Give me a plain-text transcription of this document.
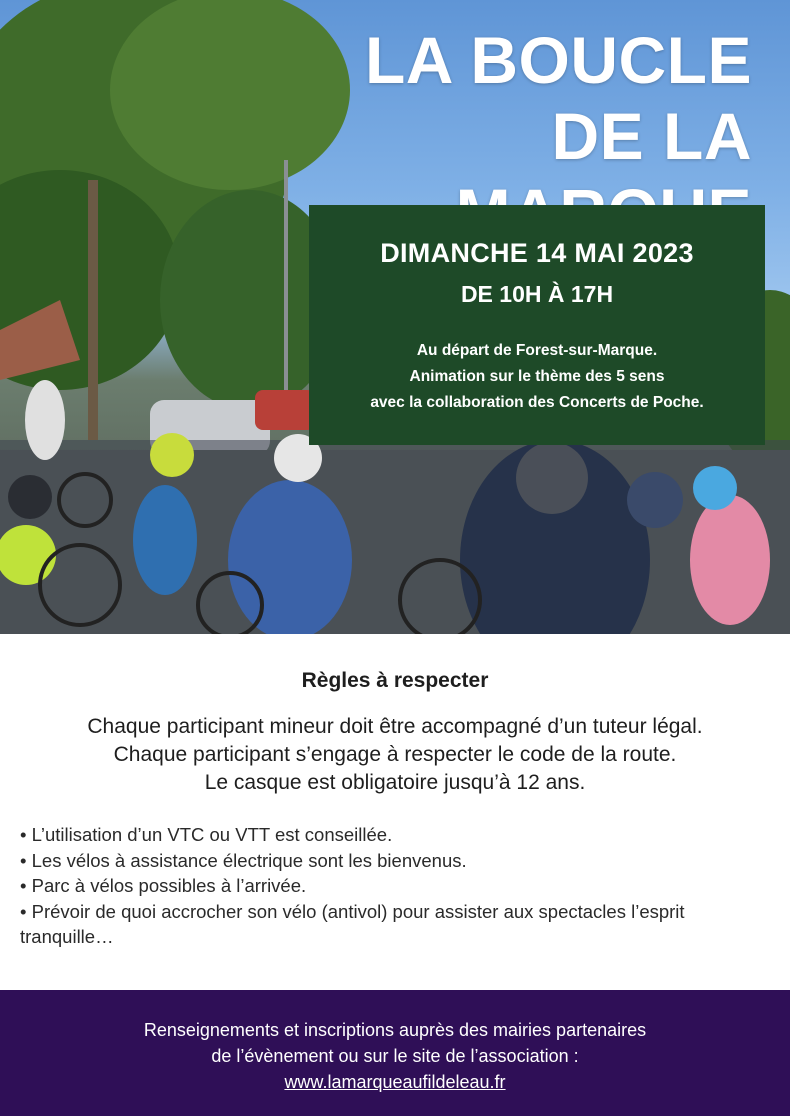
LA BOUCLE
DE LA
DIMANCHE 14 MAI 2023
DE 10H À 17H
Au départ de Forest-sur-Marque.
Animation sur le thème des 5 sens
avec la collaboration des Concerts de Poche.
Règles à respecter
Chaque participant mineur doit être accompagné d’un tuteur légal.
Chaque participant s’engage à respecter le code de la route.
Le casque est obligatoire jusqu’à 12 ans.
• L’utilisation d’un VTC ou VTT est conseillée.
• Les vélos à assistance électrique sont les bienvenus.
• Parc à vélos possibles à l’arrivée.
• Prévoir de quoi accrocher son vélo (antivol) pour assister aux spectacles l’esprit tranquille…
Renseignements et inscriptions auprès des mairies partenaires
de l’évènement ou sur le site de l’association :
www.lamarqueaufildeleau.fr
